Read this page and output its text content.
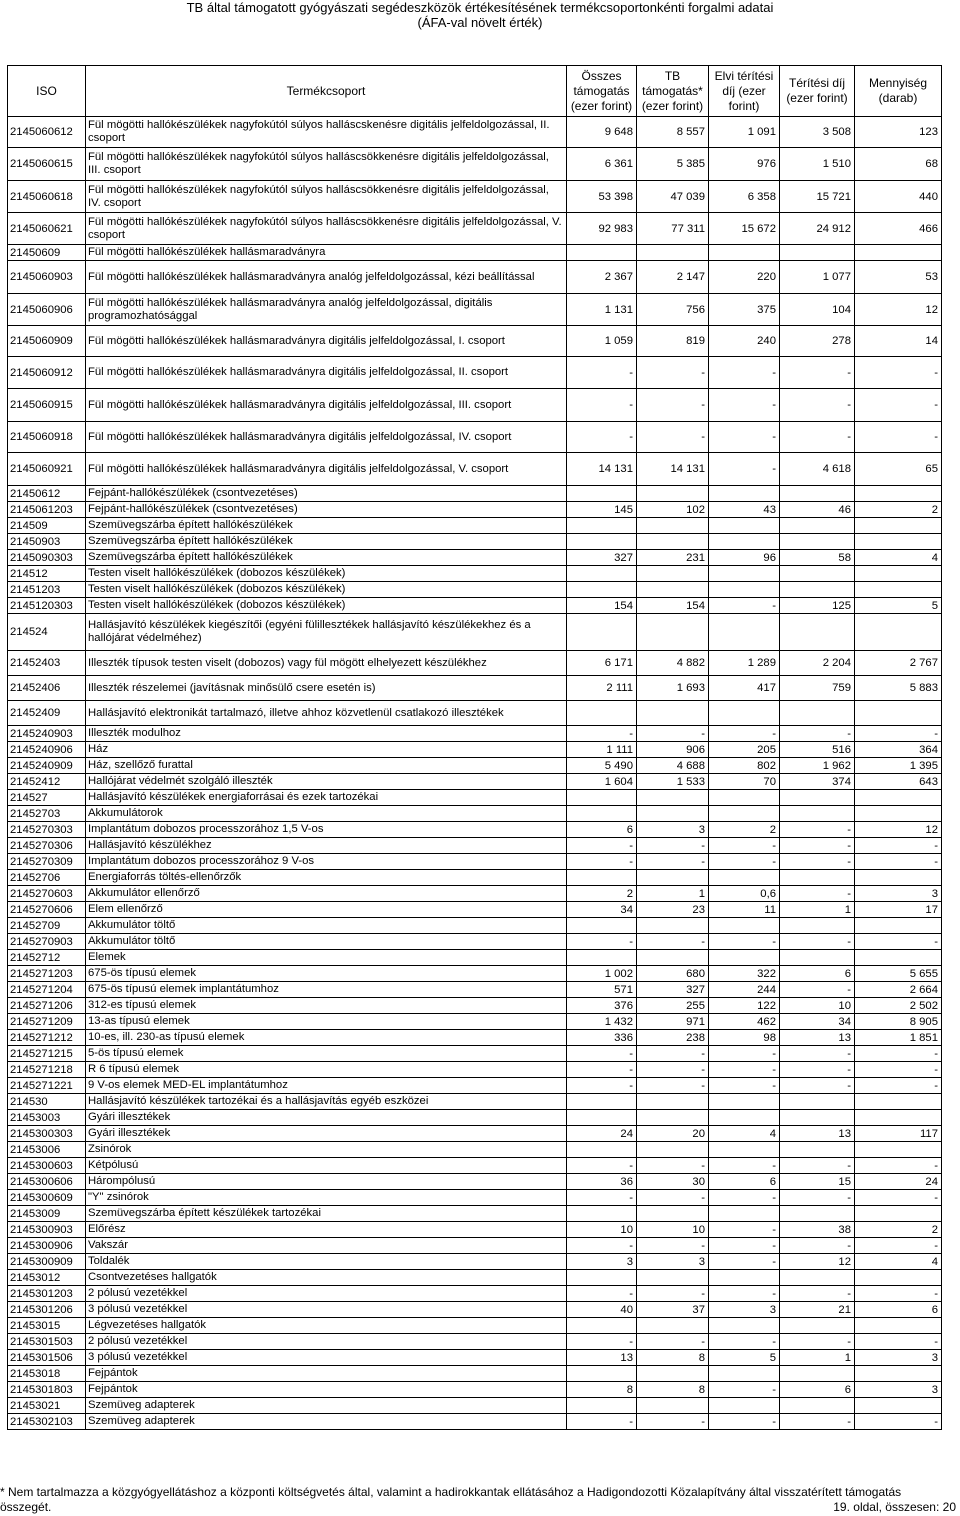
TB által támogatott gyógyászati segédeszközök értékesítésének termékcsoportonkénti forgalmi adatai
(ÁFA-val növelt érték)
ISO	Termékcsoport	Összes támogatás (ezer forint)	TB támogatás* (ezer forint)	Elvi térítési díj (ezer forint)	Térítési díj (ezer forint)	Mennyiség (darab)
2145060612	Fül mögötti hallókészülékek nagyfokútól súlyos halláscskenésre digitális jelfeldolgozással, II. csoport	9 648	8 557	1 091	3 508	123
2145060615	Fül mögötti hallókészülékek nagyfokútól súlyos halláscsökkenésre digitális jelfeldolgozással, III. csoport	6 361	5 385	976	1 510	68
2145060618	Fül mögötti hallókészülékek nagyfokútól súlyos halláscsökkenésre digitális jelfeldolgozással, IV. csoport	53 398	47 039	6 358	15 721	440
2145060621	Fül mögötti hallókészülékek nagyfokútól súlyos halláscsökkenésre digitális jelfeldolgozással, V. csoport	92 983	77 311	15 672	24 912	466
21450609	Fül mögötti hallókészülékek hallásmaradványra					
2145060903	Fül mögötti hallókészülékek hallásmaradványra analóg jelfeldolgozással, kézi beállítással	2 367	2 147	220	1 077	53
2145060906	Fül mögötti hallókészülékek hallásmaradványra analóg jelfeldolgozással, digitális programozhatósággal	1 131	756	375	104	12
2145060909	Fül mögötti hallókészülékek hallásmaradványra digitális jelfeldolgozással, I. csoport	1 059	819	240	278	14
2145060912	Fül mögötti hallókészülékek hallásmaradványra digitális jelfeldolgozással, II. csoport	-	-	-	-	-
2145060915	Fül mögötti hallókészülékek hallásmaradványra digitális jelfeldolgozással, III. csoport	-	-	-	-	-
2145060918	Fül mögötti hallókészülékek hallásmaradványra digitális jelfeldolgozással, IV. csoport	-	-	-	-	-
2145060921	Fül mögötti hallókészülékek hallásmaradványra digitális jelfeldolgozással, V. csoport	14 131	14 131	-	4 618	65
21450612	Fejpánt-hallókészülékek (csontvezetéses)					
2145061203	Fejpánt-hallókészülékek (csontvezetéses)	145	102	43	46	2
214509	Szemüvegszárba épített hallókészülékek					
21450903	Szemüvegszárba épített hallókészülékek					
2145090303	Szemüvegszárba épített hallókészülékek	327	231	96	58	4
214512	Testen viselt hallókészülékek (dobozos készülékek)					
21451203	Testen viselt hallókészülékek (dobozos készülékek)					
2145120303	Testen viselt hallókészülékek (dobozos készülékek)	154	154	-	125	5
214524	Hallásjavító készülékek kiegészítői (egyéni fülillesztékek hallásjavító készülékekhez és a hallójárat védelméhez)					
21452403	Illeszték típusok testen viselt (dobozos) vagy fül mögött elhelyezett készülékhez	6 171	4 882	1 289	2 204	2 767
21452406	Illeszték részelemei (javításnak minősülő csere esetén is)	2 111	1 693	417	759	5 883
21452409	Hallásjavító elektronikát tartalmazó, illetve ahhoz közvetlenül csatlakozó illesztékek					
2145240903	Illeszték modulhoz	-	-	-	-	-
2145240906	Ház	1 111	906	205	516	364
2145240909	Ház, szellőző furattal	5 490	4 688	802	1 962	1 395
21452412	Hallójárat védelmét szolgáló illeszték	1 604	1 533	70	374	643
214527	Hallásjavító készülékek energiaforrásai és ezek tartozékai					
21452703	Akkumulátorok					
2145270303	Implantátum dobozos processzorához 1,5 V-os	6	3	2	-	12
2145270306	Hallásjavító készülékhez	-	-	-	-	-
2145270309	Implantátum dobozos processzorához 9 V-os	-	-	-	-	-
21452706	Energiaforrás töltés-ellenőrzők					
2145270603	Akkumulátor ellenőrző	2	1	0,6	-	3
2145270606	Elem ellenőrző	34	23	11	1	17
21452709	Akkumulátor töltő					
2145270903	Akkumulátor töltő	-	-	-	-	-
21452712	Elemek					
2145271203	675-ös típusú elemek	1 002	680	322	6	5 655
2145271204	675-ös típusú elemek implantátumhoz	571	327	244	-	2 664
2145271206	312-es típusú elemek	376	255	122	10	2 502
2145271209	13-as típusú elemek	1 432	971	462	34	8 905
2145271212	10-es, ill. 230-as típusú elemek	336	238	98	13	1 851
2145271215	5-ös típusú elemek	-	-	-	-	-
2145271218	R 6 típusú elemek	-	-	-	-	-
2145271221	9 V-os elemek MED-EL implantátumhoz	-	-	-	-	-
214530	Hallásjavító készülékek tartozékai és a hallásjavítás egyéb eszközei					
21453003	Gyári illesztékek					
2145300303	Gyári illesztékek	24	20	4	13	117
21453006	Zsinórok					
2145300603	Kétpólusú	-	-	-	-	-
2145300606	Hárompólusú	36	30	6	15	24
2145300609	"Y" zsinórok	-	-	-	-	-
21453009	Szemüvegszárba épített készülékek tartozékai					
2145300903	Előrész	10	10	-	38	2
2145300906	Vakszár	-	-	-	-	-
2145300909	Toldalék	3	3	-	12	4
21453012	Csontvezetéses hallgatók					
2145301203	2 pólusú vezetékkel	-	-	-	-	-
2145301206	3 pólusú vezetékkel	40	37	3	21	6
21453015	Légvezetéses hallgatók					
2145301503	2 pólusú vezetékkel	-	-	-	-	-
2145301506	3 pólusú vezetékkel	13	8	5	1	3
21453018	Fejpántok					
2145301803	Fejpántok	8	8	-	6	3
21453021	Szemüveg adapterek					
2145302103	Szemüveg adapterek	-	-	-	-	-
* Nem tartalmazza a közgyógyellátáshoz a központi költségvetés által, valamint a hadirokkantak ellátásához a Hadigondozotti Közalapítvány által visszatérített támogatás
összegét.	19. oldal, összesen: 20
